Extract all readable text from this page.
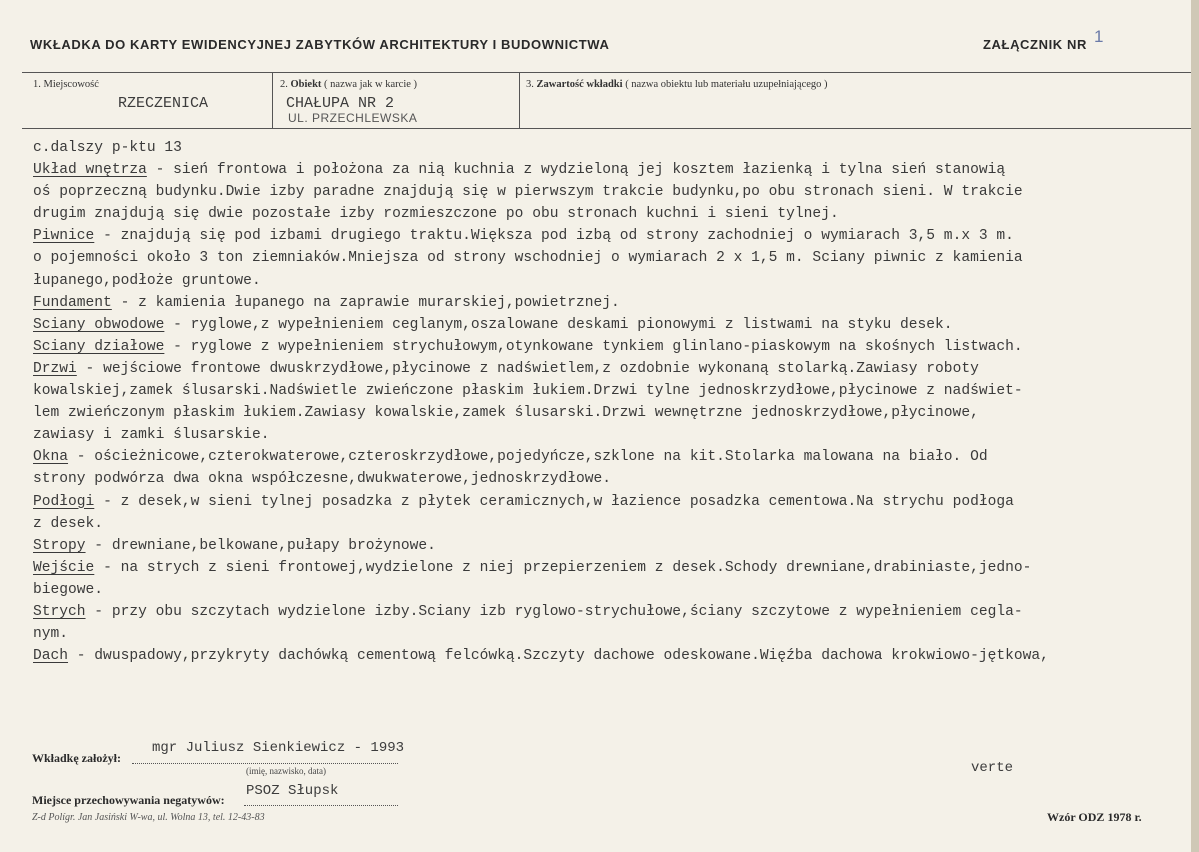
WKŁADKA DO KARTY EWIDENCYJNEJ ZABYTKÓW ARCHITEKTURY I BUDOWNICTWA	ZAŁĄCZNIK NR 1
1. Miejscowość
RZECZENICA
2. Obiekt ( nazwa jak w karcie )
CHAŁUPA NR 2
UL. PRZECHLEWSKA
3. Zawartość wkładki ( nazwa obiektu lub materiału uzupełniającego )
c.dalszy p-ktu 13
Układ wnętrza - sień frontowa i położona za nią kuchnia z wydzieloną jej kosztem łazienką i tylna sień stanowią
oś poprzeczną budynku.Dwie izby paradne znajdują się w pierwszym trakcie budynku,po obu stronach sieni. W trakcie
drugim znajdują się dwie pozostałe izby rozmieszczone po obu stronach kuchni i sieni tylnej.
Piwnice - znajdują się pod izbami drugiego traktu.Większa pod izbą od strony zachodniej o wymiarach 3,5 m.x 3 m.
o pojemności około 3 ton ziemniaków.Mniejsza od strony wschodniej o wymiarach 2 x 1,5 m. Sciany piwnic z kamienia
łupanego,podłoże gruntowe.
Fundament - z kamienia łupanego na zaprawie murarskiej,powietrznej.
Sciany obwodowe - ryglowe,z wypełnieniem ceglanym,oszalowane deskami pionowymi z listwami na styku desek.
Sciany działowe - ryglowe z wypełnieniem strychułowym,otynkowane tynkiem glinlano-piaskowym na skośnych listwach.
Drzwi - wejściowe frontowe dwuskrzydłowe,płycinowe z nadświetlem,z ozdobnie wykonaną stolarką.Zawiasy roboty
kowalskiej,zamek ślusarski.Nadświetle zwieńczone płaskim łukiem.Drzwi tylne jednoskrzydłowe,płycinowe z nadświet-
lem zwieńczonym płaskim łukiem.Zawiasy kowalskie,zamek ślusarski.Drzwi wewnętrzne jednoskrzydłowe,płycinowe,
zawiasy i zamki ślusarskie.
Okna - ościeżnicowe,czterokwaterowe,czteroskrzydłowe,pojedyńcze,szklone na kit.Stolarka malowana na biało. Od
strony podwórza dwa okna współczesne,dwukwaterowe,jednoskrzydłowe.
Podłogi - z desek,w sieni tylnej posadzka z płytek ceramicznych,w łazience posadzka cementowa.Na strychu podłoga
z desek.
Stropy - drewniane,belkowane,pułapy brożynowe.
Wejście - na strych z sieni frontowej,wydzielone z niej przepierzeniem z desek.Schody drewniane,drabiniaste,jedno-
biegowe.
Strych - przy obu szczytach wydzielone izby.Sciany izb ryglowo-strychułowe,ściany szczytowe z wypełnieniem cegla-
nym.
Dach - dwuspadowy,przykryty dachówką cementową felcówką.Szczyty dachowe odeskowane.Więźba dachowa krokwiowo-jętkowa,
Wkładkę założył:
mgr Juliusz Sienkiewicz - 1993
(imię, nazwisko, data)	verte
Miejsce przechowywania negatywów:
PSOZ Słupsk
Z-d Polígr. Jan Jasiński W-wa, ul. Wolna 13, tel. 12-43-83	Wzór ODZ 1978 r.
